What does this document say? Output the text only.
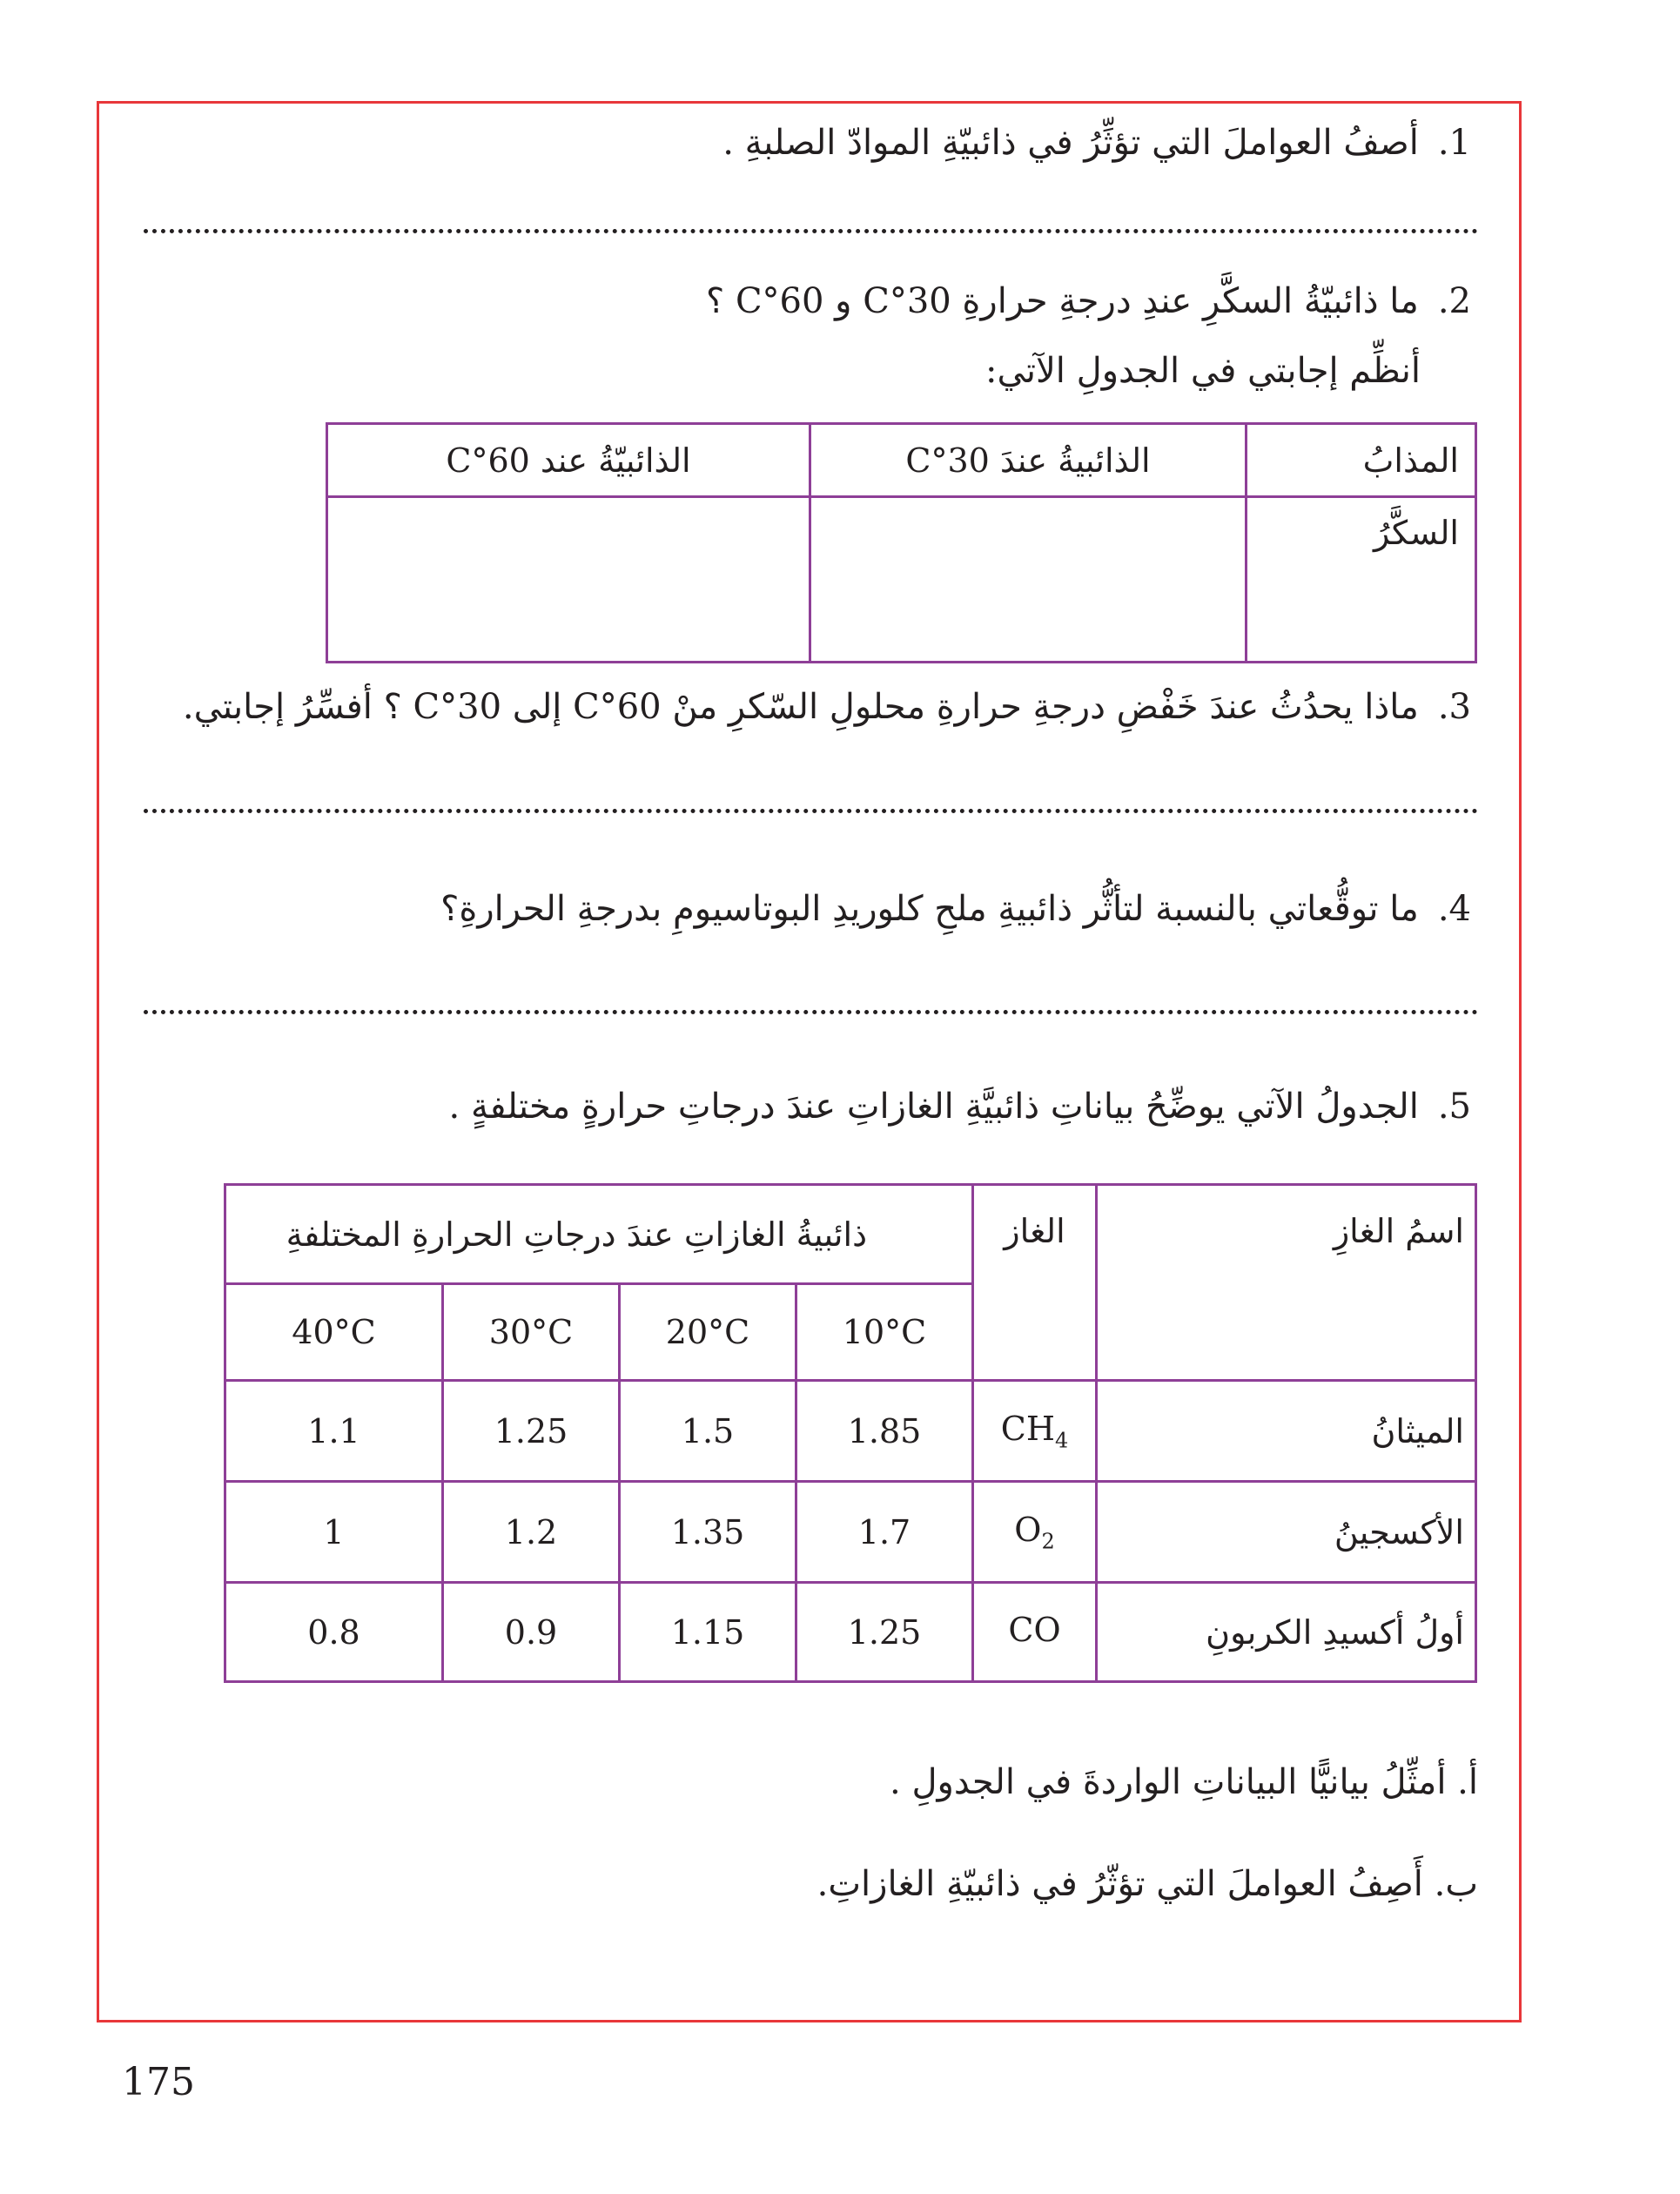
1.أصفُ العواملَ التي تؤثِّرُ في ذائبيّةِ الموادّ الصلبةِ .
2.ما ذائبيّةُ السكَّرِ عندِ درجةِ حرارةِ 30°C و 60°C ؟
أنظِّم إجابتي في الجدولِ الآتي:
المذابُ	الذائبيةُ عندَ 30°C	الذائبيّةُ عند 60°C
السكَّرُ		
3.ماذا يحدُثُ عندَ خَفْضِ درجةِ حرارةِ محلولِ السّكرِ منْ 60°C إلى 30°C ؟ أفسِّرُ إجابتي.
4.ما توقُّعاتي بالنسبة لتأثُّر ذائبيةِ ملحِ كلوريدِ البوتاسيومِ بدرجةِ الحرارةِ؟
5.الجدولُ الآتي يوضِّحُ بياناتِ ذائبيَّةِ الغازاتِ عندَ درجاتِ حرارةٍ مختلفةٍ .
اسمُ الغازِ	الغاز	ذائبيةُ الغازاتِ عندَ درجاتِ الحرارةِ المختلفةِ			
		10°C	20°C	30°C	40°C
الميثانُ	$CH_4$	1.85	1.5	1.25	1.1
الأكسجينُ	$O_2$	1.7	1.35	1.2	1
أولُ أكسيدِ الكربونِ	CO	1.25	1.15	0.9	0.8
أ. أمثِّلُ بيانيًّا البياناتِ الواردةَ في الجدولِ .
ب. أَصِفُ العواملَ التي تؤثّرُ في ذائبيّةِ الغازاتِ.
175
